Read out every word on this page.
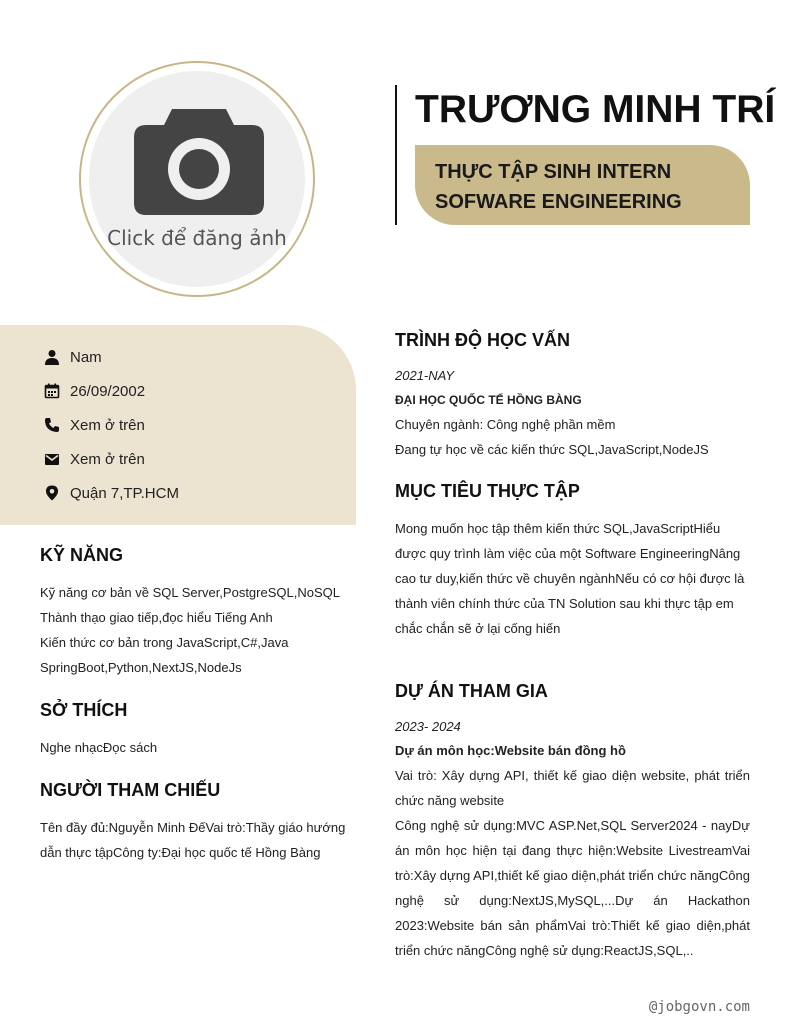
Click để đăng ảnh
TRƯƠNG MINH TRÍ
THỰC TẬP SINH INTERN
SOFWARE ENGINEERING
Nam
26/09/2002
Xem ở trên
Xem ở trên
Quận 7,TP.HCM
KỸ NĂNG
Kỹ năng cơ bản về SQL Server,PostgreSQL,NoSQL
Thành thạo giao tiếp,đọc hiểu Tiếng Anh
Kiến thức cơ bản trong JavaScript,C#,Java
SpringBoot,Python,NextJS,NodeJs
SỞ THÍCH
Nghe nhạcĐọc sách
NGƯỜI THAM CHIẾU
Tên đầy đủ:Nguyễn Minh ĐếVai trò:Thầy giáo hướng
dẫn thực tậpCông ty:Đại học quốc tế Hồng Bàng
TRÌNH ĐỘ HỌC VẤN
2021-NAY
ĐẠI HỌC QUỐC TẾ HỒNG BÀNG
Chuyên ngành: Công nghệ phần mềm
Đang tự học về các kiến thức SQL,JavaScript,NodeJS
MỤC TIÊU THỰC TẬP
Mong muốn học tập thêm kiến thức SQL,JavaScriptHiểu
được quy trình làm việc của một Software EngineeringNâng
cao tư duy,kiến thức về chuyên ngànhNếu có cơ hội được là
thành viên chính thức của TN Solution sau khi thực tập em
chắc chắn sẽ ở lại cống hiến
DỰ ÁN THAM GIA
2023- 2024
Dự án môn học:Website bán đồng hồ
Vai trò: Xây dựng API, thiết kế giao diện website, phát triển chức năng website
Công nghệ sử dụng:MVC ASP.Net,SQL Server2024 - nayDự án môn học hiện tại đang thực hiện:Website LivestreamVai trò:Xây dựng API,thiết kế giao diện,phát triển chức năngCông nghệ sử dụng:NextJS,MySQL,...Dự án Hackathon 2023:Website bán sản phẩmVai trò:Thiết kế giao diện,phát triển chức năngCông nghệ sử dụng:ReactJS,SQL,..
@jobgovn.com
